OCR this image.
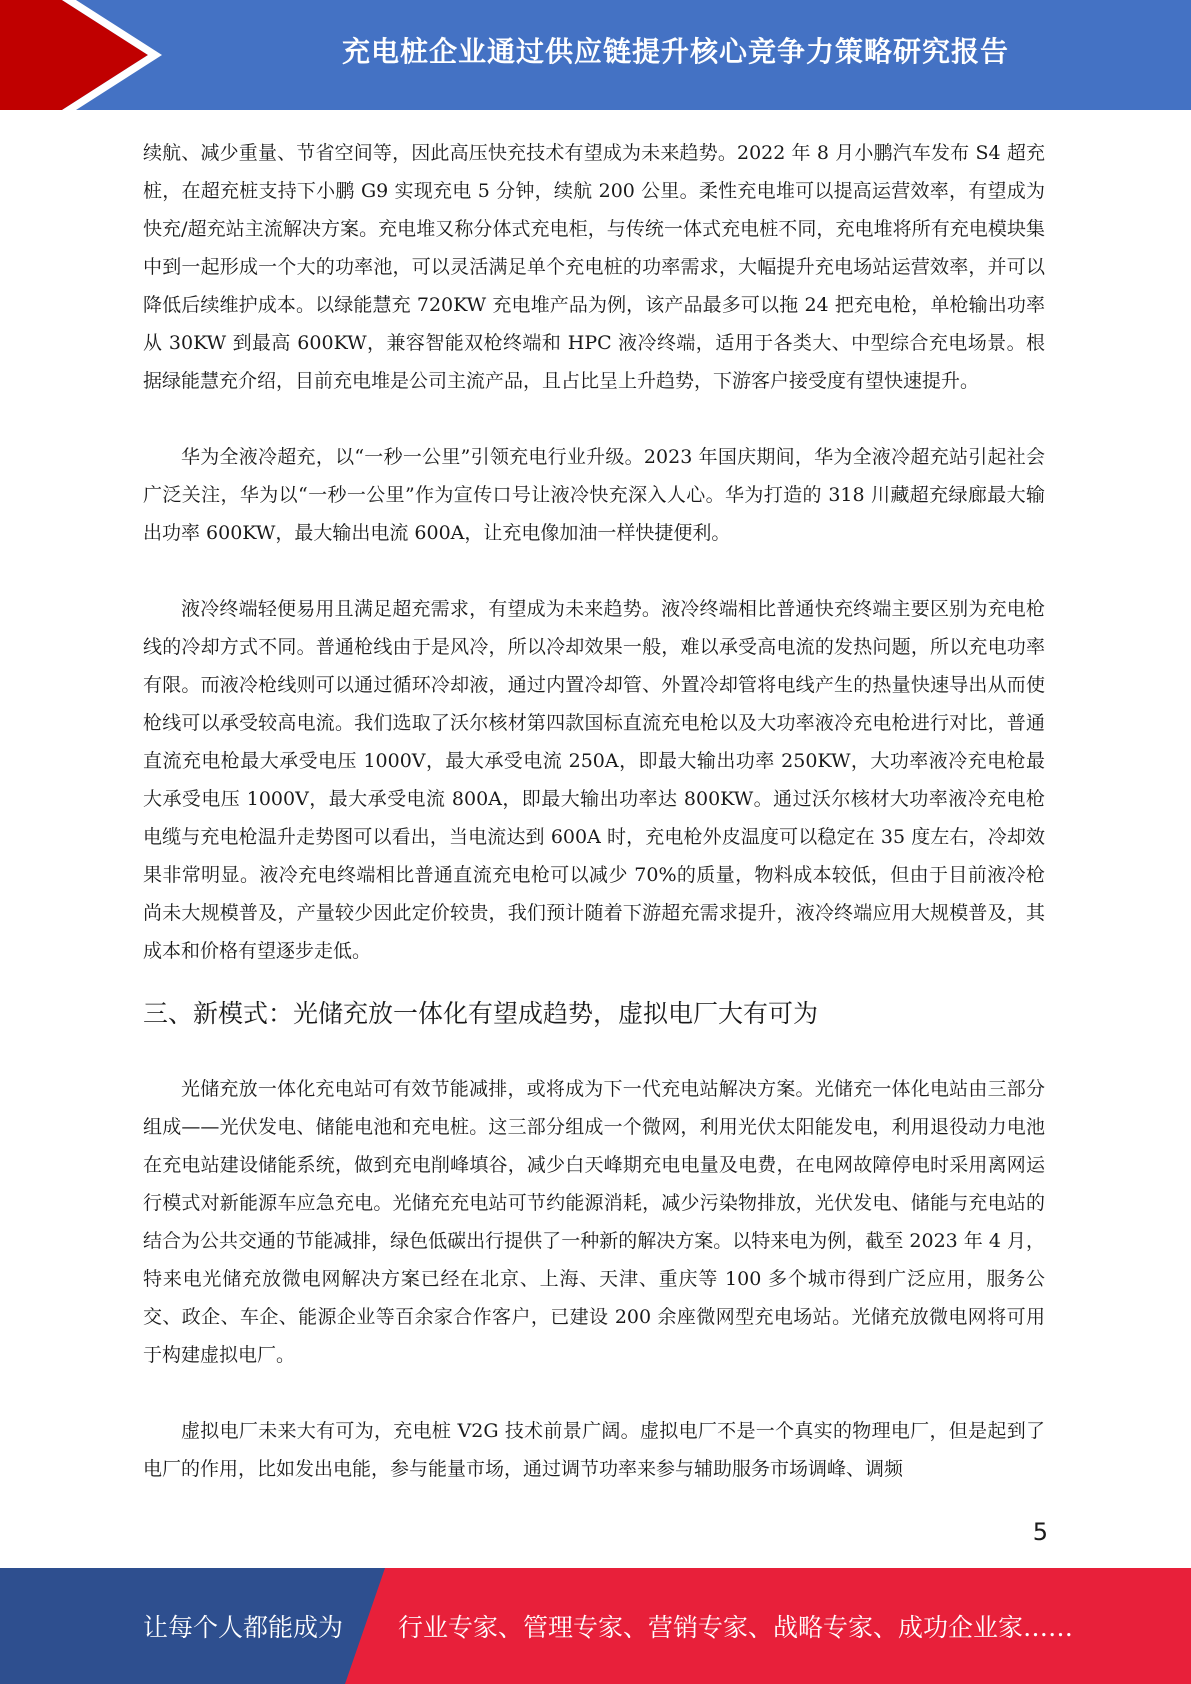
充电桩企业通过供应链提升核心竞争力策略研究报告

续航、减少重量、节省空间等，因此高压快充技术有望成为未来趋势。2022 年 8 月小鹏汽车发布 S4 超充桩，在超充桩支持下小鹏 G9 实现充电 5 分钟，续航 200 公里。柔性充电堆可以提高运营效率，有望成为快充/超充站主流解决方案。充电堆又称分体式充电柜，与传统一体式充电桩不同，充电堆将所有充电模块集中到一起形成一个大的功率池，可以灵活满足单个充电桩的功率需求，大幅提升充电场站运营效率，并可以降低后续维护成本。以绿能慧充 720KW 充电堆产品为例，该产品最多可以拖 24 把充电枪，单枪输出功率从 30KW 到最高 600KW，兼容智能双枪终端和 HPC 液冷终端，适用于各类大、中型综合充电场景。根据绿能慧充介绍，目前充电堆是公司主流产品，且占比呈上升趋势，下游客户接受度有望快速提升。

华为全液冷超充，以“一秒一公里”引领充电行业升级。2023 年国庆期间，华为全液冷超充站引起社会广泛关注，华为以“一秒一公里”作为宣传口号让液冷快充深入人心。华为打造的 318 川藏超充绿廊最大输出功率 600KW，最大输出电流 600A，让充电像加油一样快捷便利。

液冷终端轻便易用且满足超充需求，有望成为未来趋势。液冷终端相比普通快充终端主要区别为充电枪线的冷却方式不同。普通枪线由于是风冷，所以冷却效果一般，难以承受高电流的发热问题，所以充电功率有限。而液冷枪线则可以通过循环冷却液，通过内置冷却管、外置冷却管将电线产生的热量快速导出从而使枪线可以承受较高电流。我们选取了沃尔核材第四款国标直流充电枪以及大功率液冷充电枪进行对比，普通直流充电枪最大承受电压 1000V，最大承受电流 250A，即最大输出功率 250KW，大功率液冷充电枪最大承受电压 1000V，最大承受电流 800A，即最大输出功率达 800KW。通过沃尔核材大功率液冷充电枪电缆与充电枪温升走势图可以看出，当电流达到 600A 时，充电枪外皮温度可以稳定在 35 度左右，冷却效果非常明显。液冷充电终端相比普通直流充电枪可以减少 70%的质量，物料成本较低，但由于目前液冷枪尚未大规模普及，产量较少因此定价较贵，我们预计随着下游超充需求提升，液冷终端应用大规模普及，其成本和价格有望逐步走低。

三、新模式：光储充放一体化有望成趋势，虚拟电厂大有可为

光储充放一体化充电站可有效节能减排，或将成为下一代充电站解决方案。光储充一体化电站由三部分组成——光伏发电、储能电池和充电桩。这三部分组成一个微网，利用光伏太阳能发电，利用退役动力电池在充电站建设储能系统，做到充电削峰填谷，减少白天峰期充电电量及电费，在电网故障停电时采用离网运行模式对新能源车应急充电。光储充充电站可节约能源消耗，减少污染物排放，光伏发电、储能与充电站的结合为公共交通的节能减排，绿色低碳出行提供了一种新的解决方案。以特来电为例，截至 2023 年 4 月，特来电光储充放微电网解决方案已经在北京、上海、天津、重庆等 100 多个城市得到广泛应用，服务公交、政企、车企、能源企业等百余家合作客户，已建设 200 余座微网型充电场站。光储充放微电网将可用于构建虚拟电厂。

虚拟电厂未来大有可为，充电桩 V2G 技术前景广阔。虚拟电厂不是一个真实的物理电厂，但是起到了电厂的作用，比如发出电能，参与能量市场，通过调节功率来参与辅助服务市场调峰、调频

5
让每个人都能成为 行业专家、管理专家、营销专家、战略专家、成功企业家……
